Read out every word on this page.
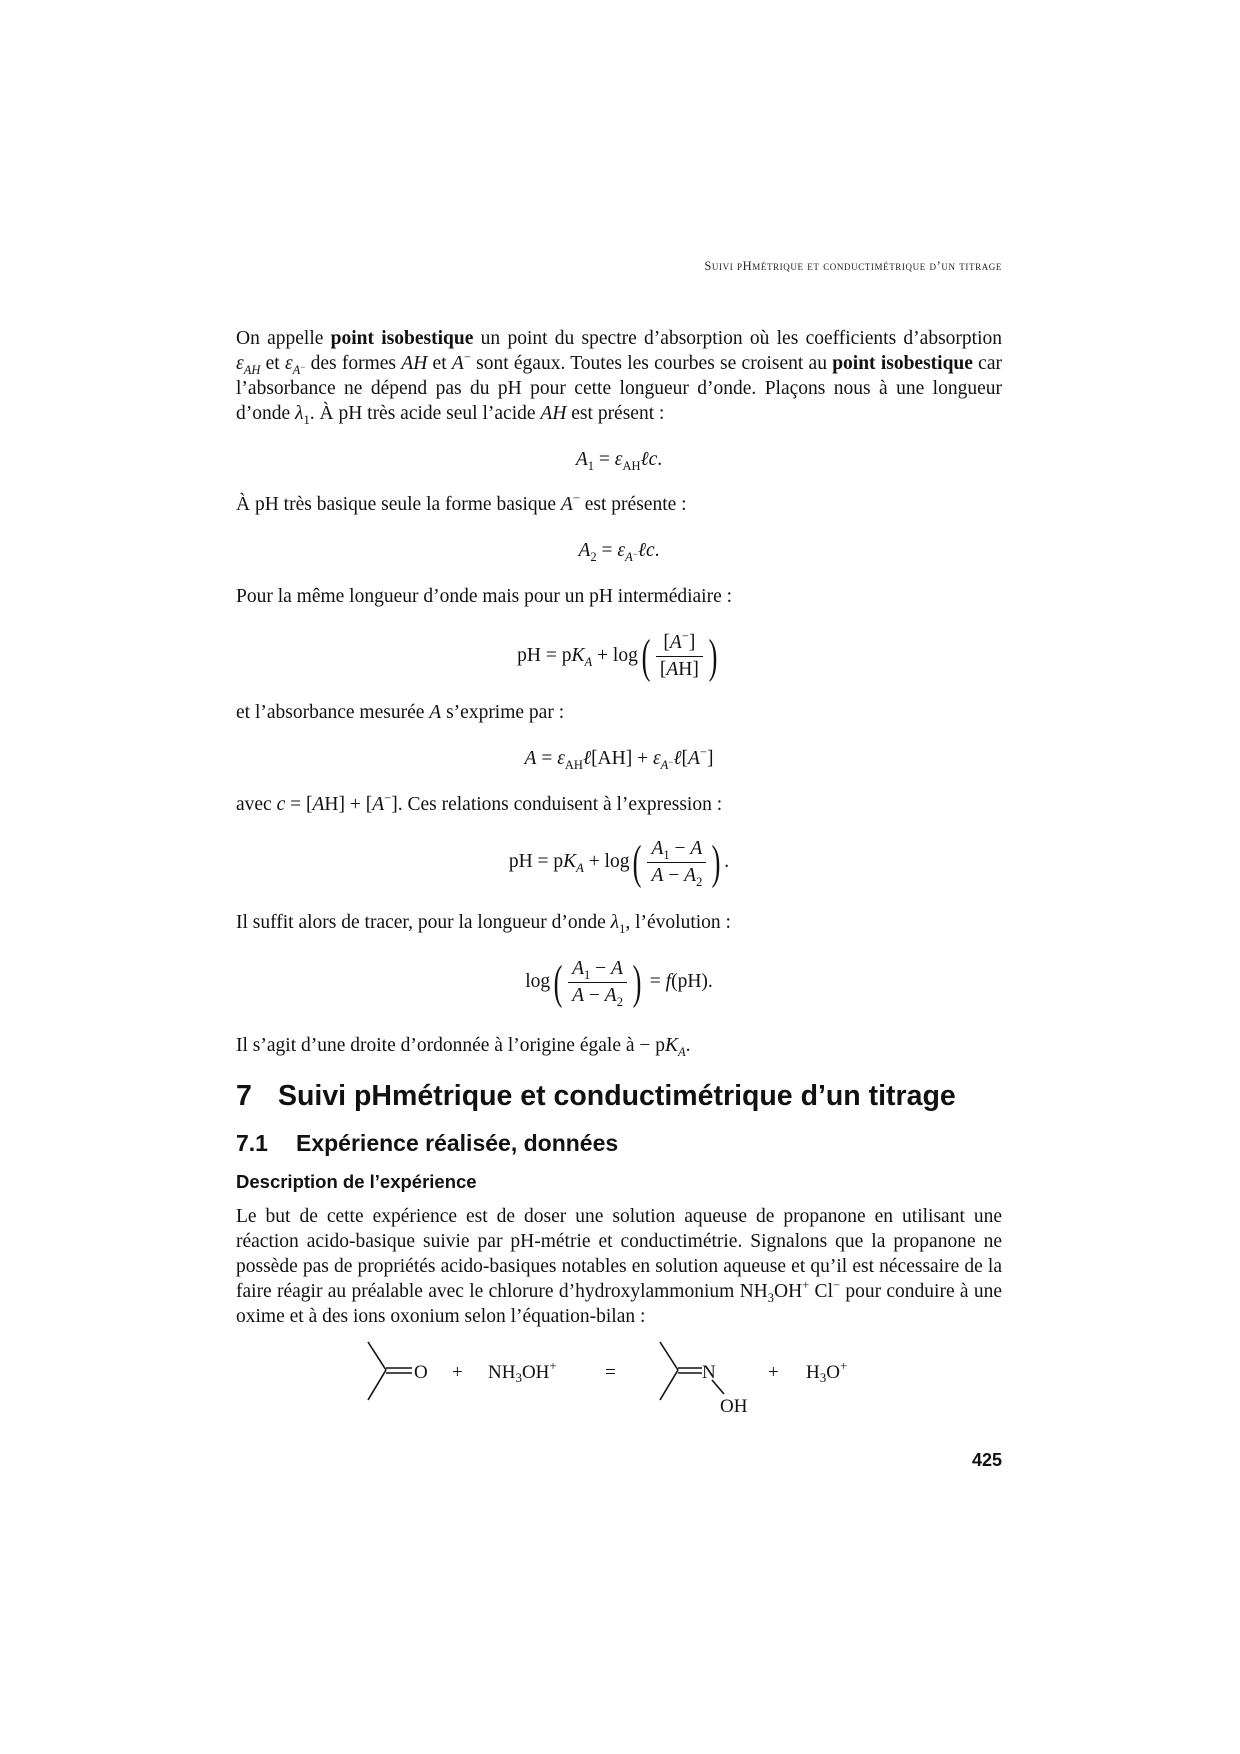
Suivi pHmétrique et conductimétrique d’un titrage
On appelle point isobestique un point du spectre d’absorption où les coefficients d’absorption $\varepsilon_{AH}$ et $\varepsilon_{A^-}$ des formes AH et A− sont égaux. Toutes les courbes se croisent au point isobestique car l’absorbance ne dépend pas du pH pour cette longueur d’onde. Plaçons nous à une longueur d’onde $\lambda_1$. À pH très acide seul l’acide AH est présent :
$A_1$ = $\varepsilon_{AH}\ell c$.
À pH très basique seule la forme basique A− est présente :
$A_2$ = $\varepsilon_{A^-}\ell c$.
Pour la même longueur d’onde mais pour un pH intermédiaire :
pH = $pK_A + \log( \frac{[A^-]}{[AH]}$ )
et l’absorbance mesurée A s’exprime par :
$A = \varepsilon_{AH}\ell[AH]$ + $\varepsilon_{A^-}\ell[A^-]$
avec c = [AH] + [A−]. Ces relations conduisent à l’expression :
pH = $pK_A + \log( \frac{A_1 - A}{A - A_2}$ ) .
Il suffit alors de tracer, pour la longueur d’onde $\lambda_1$, l’évolution :
$\log( \frac{A_1 - A}{A - A_2}$ ) = f(pH).
Il s’agit d’une droite d’ordonnée à l’origine égale à − $pK_A$.
7 Suivi pHmétrique et conductimétrique d’un titrage
7.1 Expérience réalisée, données
Description de l’expérience
Le but de cette expérience est de doser une solution aqueuse de propanone en utilisant une réaction acido-basique suivie par pH-métrie et conductimétrie. Signalons que la propanone ne possède pas de propriétés acido-basiques notables en solution aqueuse et qu’il est nécessaire de la faire réagir au préalable avec le chlorure d’hydroxylammonium $NH_3OH^+$ Cl− pour conduire à une oxime et à des ions oxonium selon l’équation-bilan :
$O + NH_3OH^+$	=	N
OH
+ $H_3O^+$
425
